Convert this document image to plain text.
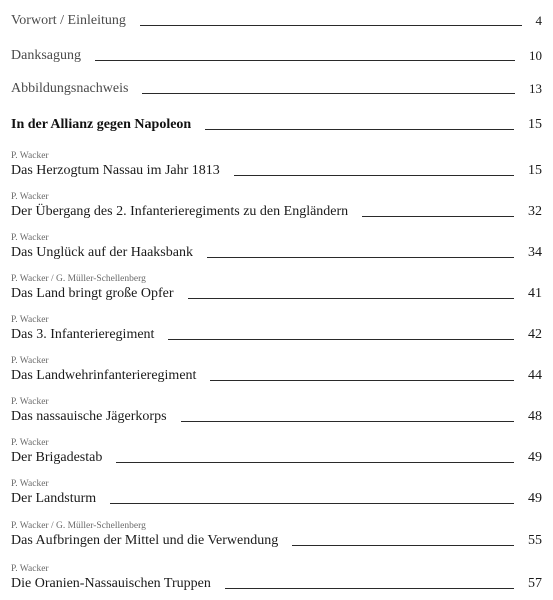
Vorwort / Einleitung	4
Danksagung	10
Abbildungsnachweis	13
In der Allianz gegen Napoleon	15
P. Wacker
Das Herzogtum Nassau im Jahr 1813	15
P. Wacker
Der Übergang des 2. Infanterieregiments zu den Engländern	32
P. Wacker
Das Unglück auf der Haaksbank	34
P. Wacker / G. Müller-Schellenberg
Das Land bringt große Opfer	41
P. Wacker
Das 3. Infanterieregiment	42
P. Wacker
Das Landwehrinfanterieregiment	44
P. Wacker
Das nassauische Jägerkorps	48
P. Wacker
Der Brigadestab	49
P. Wacker
Der Landsturm	49
P. Wacker / G. Müller-Schellenberg
Das Aufbringen der Mittel und die Verwendung	55
P. Wacker
Die Oranien-Nassauischen Truppen	57
